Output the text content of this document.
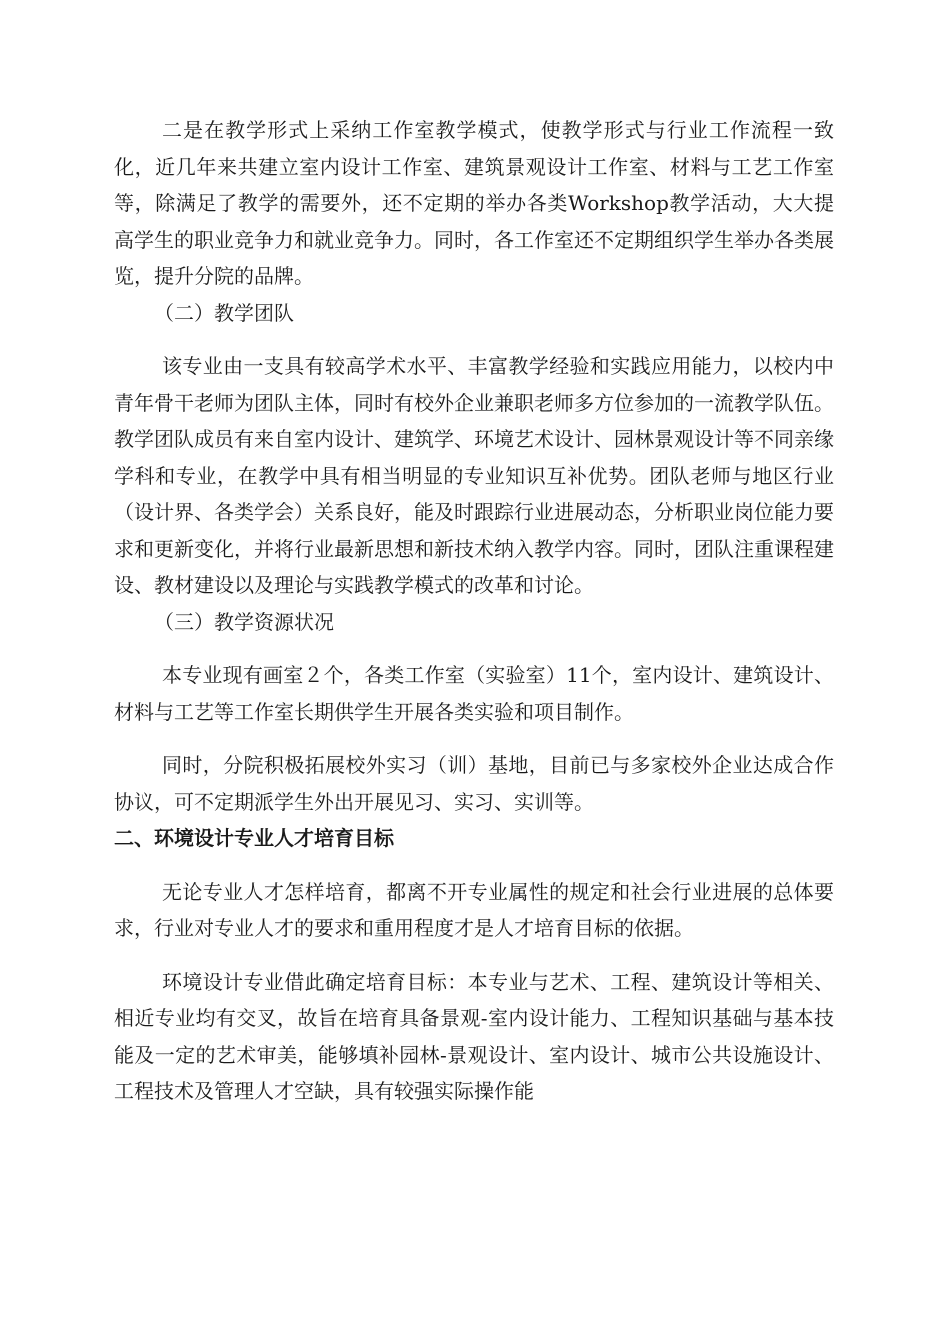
二是在教学形式上采纳工作室教学模式，使教学形式与行业工作流程一致化，近几年来共建立室内设计工作室、建筑景观设计工作室、材料与工艺工作室等，除满足了教学的需要外，还不定期的举办各类Workshop教学活动，大大提高学生的职业竞争力和就业竞争力。同时，各工作室还不定期组织学生举办各类展览，提升分院的品牌。

（二）教学团队

该专业由一支具有较高学术水平、丰富教学经验和实践应用能力，以校内中青年骨干老师为团队主体，同时有校外企业兼职老师多方位参加的一流教学队伍。教学团队成员有来自室内设计、建筑学、环境艺术设计、园林景观设计等不同亲缘学科和专业，在教学中具有相当明显的专业知识互补优势。团队老师与地区行业（设计界、各类学会）关系良好，能及时跟踪行业进展动态，分析职业岗位能力要求和更新变化，并将行业最新思想和新技术纳入教学内容。同时，团队注重课程建设、教材建设以及理论与实践教学模式的改革和讨论。

（三）教学资源状况

本专业现有画室２个，各类工作室（实验室）11个，室内设计、建筑设计、材料与工艺等工作室长期供学生开展各类实验和项目制作。

同时，分院积极拓展校外实习（训）基地，目前已与多家校外企业达成合作协议，可不定期派学生外出开展见习、实习、实训等。

二、环境设计专业人才培育目标

无论专业人才怎样培育，都离不开专业属性的规定和社会行业进展的总体要求，行业对专业人才的要求和重用程度才是人才培育目标的依据。

环境设计专业借此确定培育目标：本专业与艺术、工程、建筑设计等相关、相近专业均有交叉，故旨在培育具备景观-室内设计能力、工程知识基础与基本技能及一定的艺术审美，能够填补园林-景观设计、室内设计、城市公共设施设计、工程技术及管理人才空缺，具有较强实际操作能
